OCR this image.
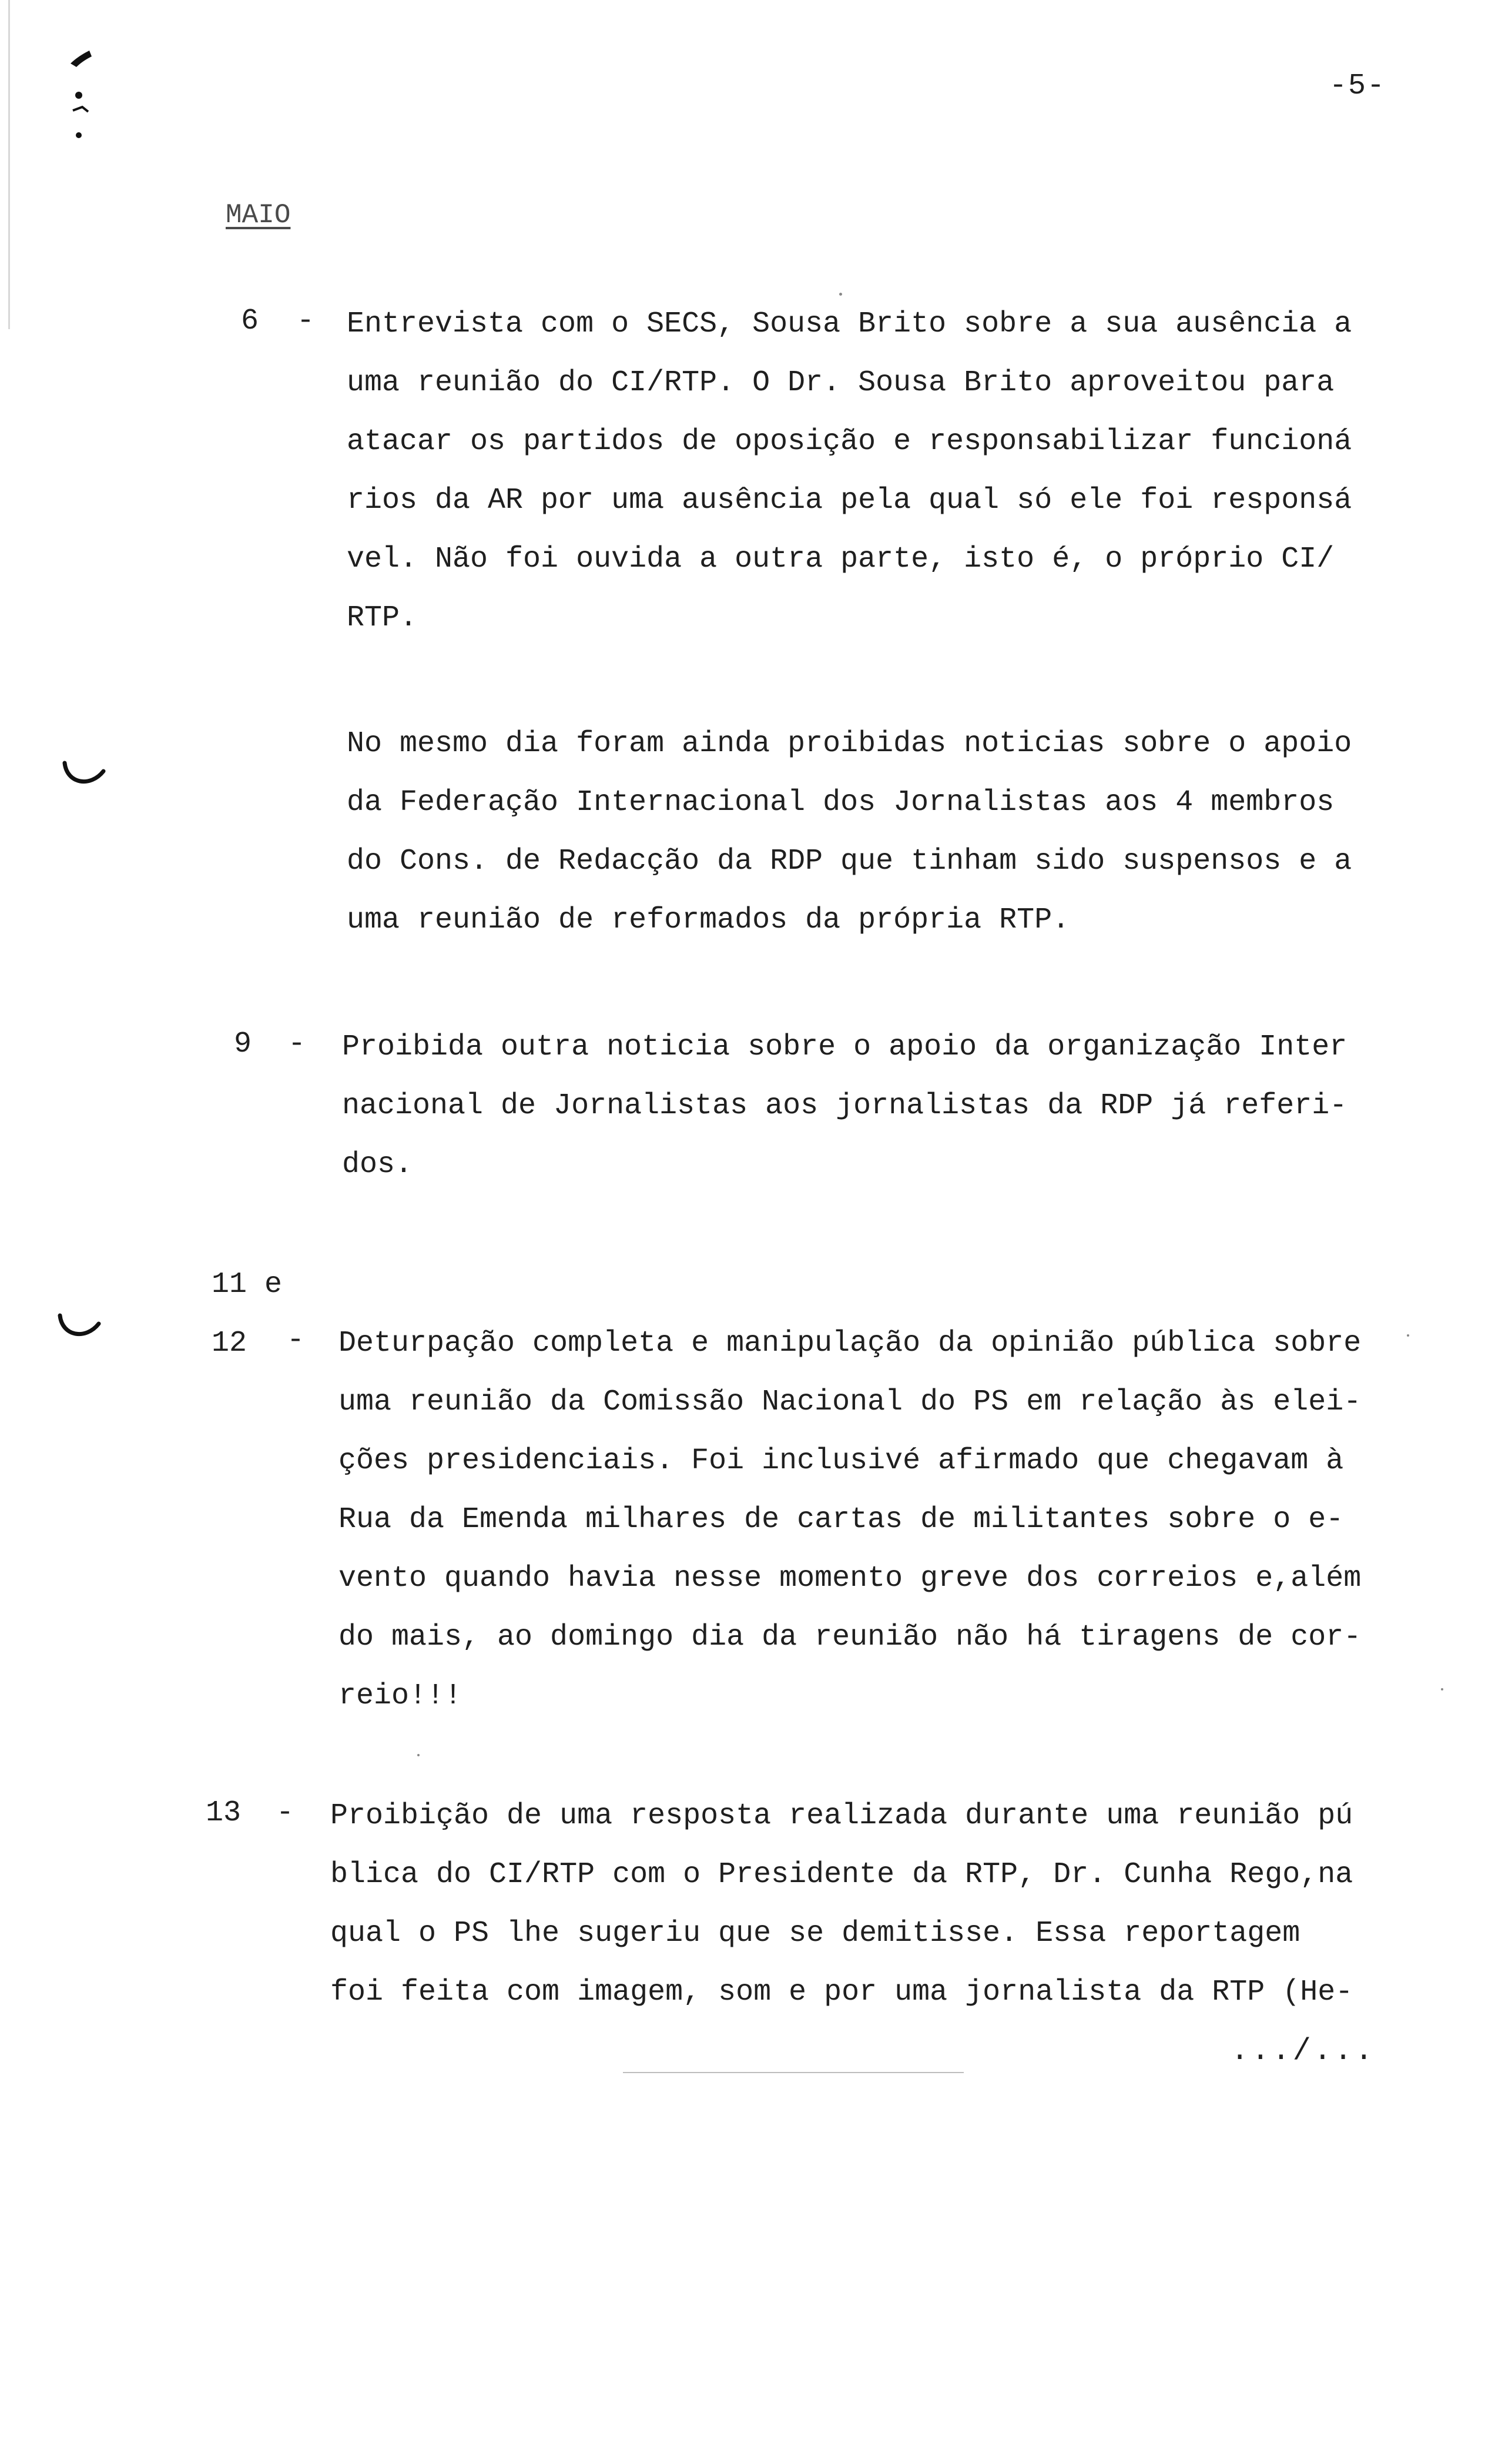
-5-
MAIO
6 - Entrevista com o SECS, Sousa Brito sobre a sua ausência a
uma reunião do CI/RTP. O Dr. Sousa Brito aproveitou para
atacar os partidos de oposição e responsabilizar funcioná
rios da AR por uma ausência pela qual só ele foi responsá
vel. Não foi ouvida a outra parte, isto é, o próprio CI/
RTP.
No mesmo dia foram ainda proibidas noticias sobre o apoio
da Federação Internacional dos Jornalistas aos 4 membros
do Cons. de Redacção da RDP que tinham sido suspensos e a
uma reunião de reformados da própria RTP.
9 - Proibida outra noticia sobre o apoio da organização Inter
nacional de Jornalistas aos jornalistas da RDP já referi-
dos.
11 e
12	- Deturpação completa e manipulação da opinião pública sobre
uma reunião da Comissão Nacional do PS em relação às elei-
ções presidenciais. Foi inclusivé afirmado que chegavam à
Rua da Emenda milhares de cartas de militantes sobre o e-
vento quando havia nesse momento greve dos correios e,além
do mais, ao domingo dia da reunião não há tiragens de cor-
reio!!!
13 - Proibição de uma resposta realizada durante uma reunião pú
blica do CI/RTP com o Presidente da RTP, Dr. Cunha Rego,na
qual o PS lhe sugeriu que se demitisse. Essa reportagem
foi feita com imagem, som e por uma jornalista da RTP (He-
.../...
